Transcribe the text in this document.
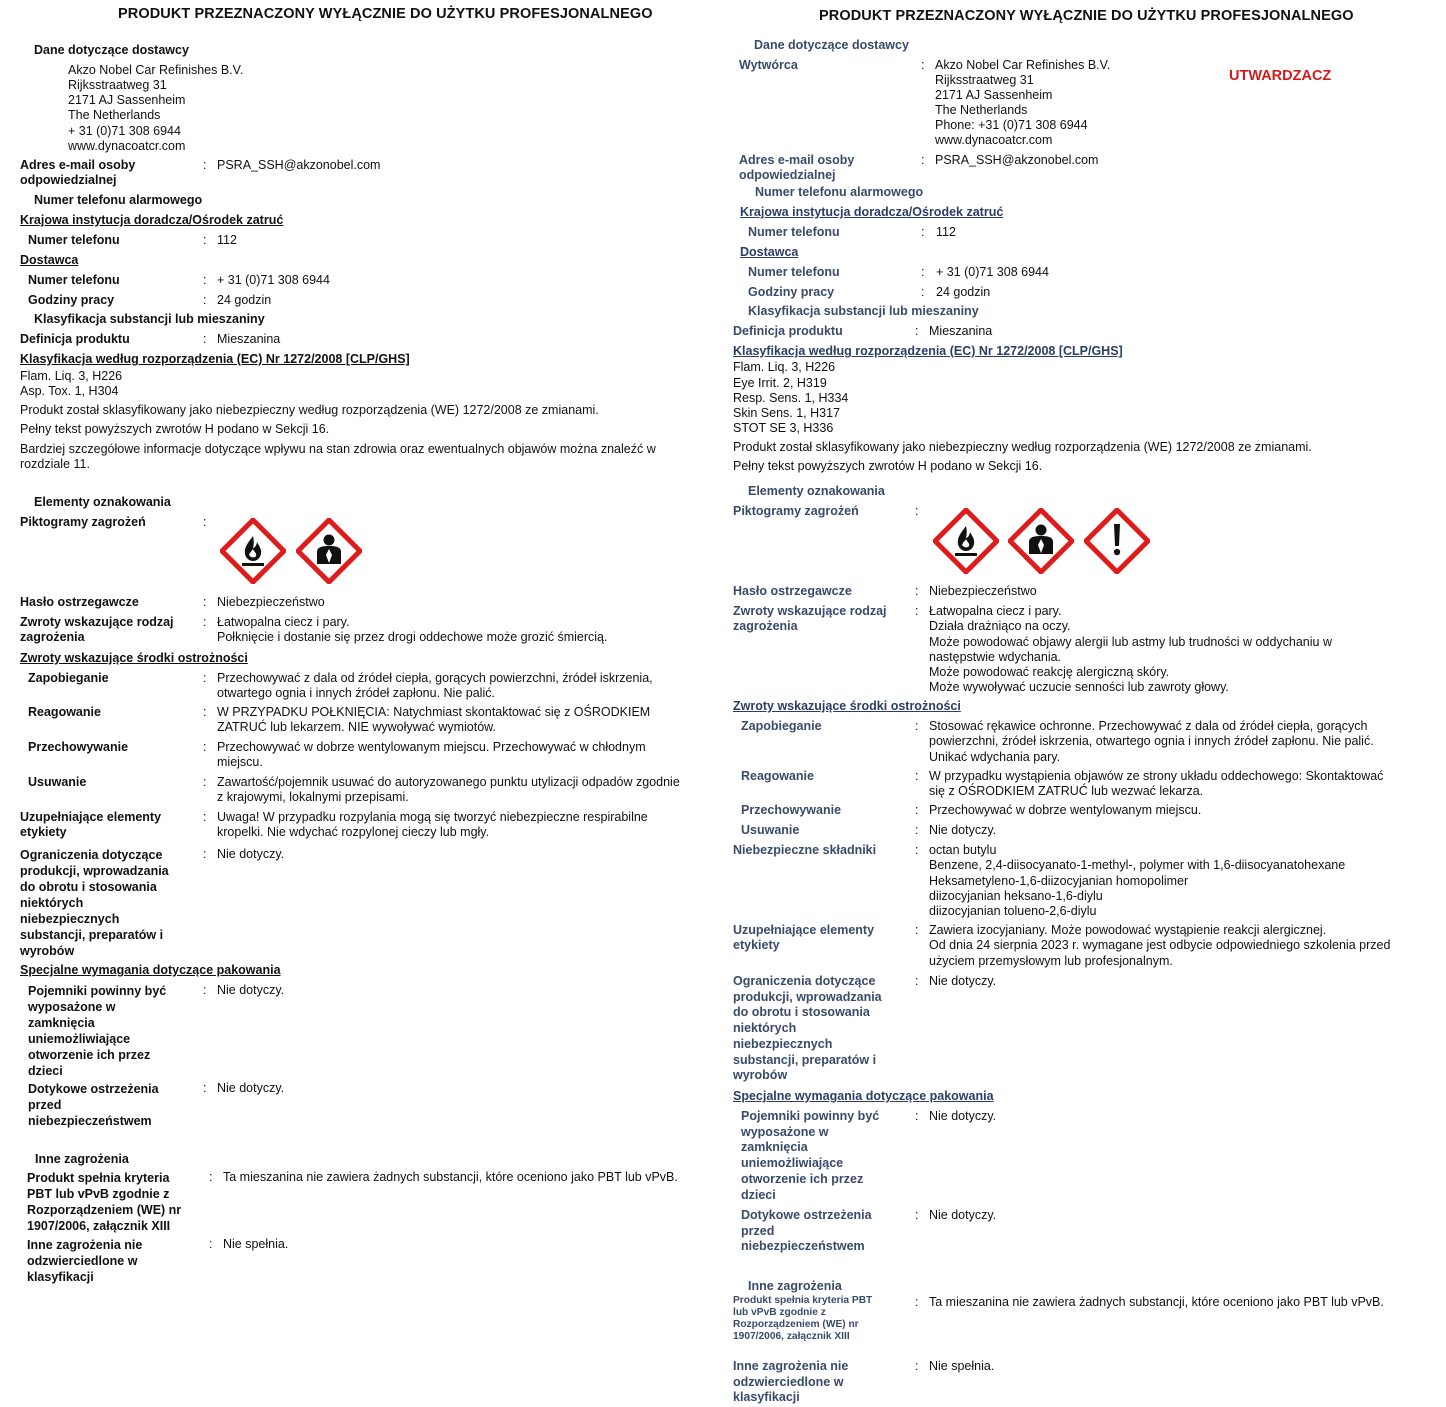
PRODUKT PRZEZNACZONY WYŁĄCZNIE DO UŻYTKU PROFESJONALNEGO
Dane dotyczące dostawcy
Akzo Nobel Car Refinishes B.V.
Rijksstraatweg 31
2171 AJ Sassenheim
The Netherlands
+ 31 (0)71 308 6944
www.dynacoatcr.com
Adres e-mail osoby
odpowiedzialnej
: PSRA_SSH@akzonobel.com
Numer telefonu alarmowego
Krajowa instytucja doradcza/Ośrodek zatruć
Numer telefonu	: 112
Dostawca
Numer telefonu	: + 31 (0)71 308 6944
Godziny pracy	: 24 godzin
Klasyfikacja substancji lub mieszaniny
Definicja produktu	: Mieszanina
Klasyfikacja według rozporządzenia (EC) Nr 1272/2008 [CLP/GHS]
Flam. Liq. 3, H226
Asp. Tox. 1, H304
Produkt został sklasyfikowany jako niebezpieczny według rozporządzenia (WE) 1272/2008 ze zmianami.
Pełny tekst powyższych zwrotów H podano w Sekcji 16.
Bardziej szczegółowe informacje dotyczące wpływu na stan zdrowia oraz ewentualnych objawów można znaleźć w
rozdziale 11.
Elementy oznakowania
Piktogramy zagrożeń	:
Hasło ostrzegawcze	: Niebezpieczeństwo
Zwroty wskazujące rodzaj
zagrożenia
: Łatwopalna ciecz i pary.
Połknięcie i dostanie się przez drogi oddechowe może grozić śmiercią.
Zwroty wskazujące środki ostrożności
Zapobieganie	: Przechowywać z dala od źródeł ciepła, gorących powierzchni, źródeł iskrzenia,
otwartego ognia i innych źródeł zapłonu. Nie palić.
Reagowanie	: W PRZYPADKU POŁKNIĘCIA: Natychmiast skontaktować się z OŚRODKIEM
ZATRUĆ lub lekarzem. NIE wywoływać wymiotów.
Przechowywanie	: Przechowywać w dobrze wentylowanym miejscu. Przechowywać w chłodnym
miejscu.
Usuwanie	: Zawartość/pojemnik usuwać do autoryzowanego punktu utylizacji odpadów zgodnie
z krajowymi, lokalnymi przepisami.
Uzupełniające elementy
etykiety
: Uwaga! W przypadku rozpylania mogą się tworzyć niebezpieczne respirabilne
kropelki. Nie wdychać rozpylonej cieczy lub mgły.
Ograniczenia dotyczące
produkcji, wprowadzania
do obrotu i stosowania
niektórych
niebezpiecznych
substancji, preparatów i
wyrobów
: Nie dotyczy.
Specjalne wymagania dotyczące pakowania
Pojemniki powinny być
wyposażone w
zamknięcia
uniemożliwiające
otworzenie ich przez
dzieci
: Nie dotyczy.
Dotykowe ostrzeżenia
przed
niebezpieczeństwem
: Nie dotyczy.
Inne zagrożenia
Produkt spełnia kryteria
PBT lub vPvB zgodnie z
Rozporządzeniem (WE) nr
1907/2006, załącznik XIII
: Ta mieszanina nie zawiera żadnych substancji, które oceniono jako PBT lub vPvB.
Inne zagrożenia nie
odzwierciedlone w
klasyfikacji
: Nie spełnia.
PRODUKT PRZEZNACZONY WYŁĄCZNIE DO UŻYTKU PROFESJONALNEGO
UTWARDZACZ
Dane dotyczące dostawcy
Wytwórca	: Akzo Nobel Car Refinishes B.V.
Rijksstraatweg 31
2171 AJ Sassenheim
The Netherlands
Phone: +31 (0)71 308 6944
www.dynacoatcr.com
Adres e-mail osoby
odpowiedzialnej
: PSRA_SSH@akzonobel.com
Numer telefonu alarmowego
Krajowa instytucja doradcza/Ośrodek zatruć
Numer telefonu	: 112
Dostawca
Numer telefonu	: + 31 (0)71 308 6944
Godziny pracy	: 24 godzin
Klasyfikacja substancji lub mieszaniny
Definicja produktu	: Mieszanina
Klasyfikacja według rozporządzenia (EC) Nr 1272/2008 [CLP/GHS]
Flam. Liq. 3, H226
Eye Irrit. 2, H319
Resp. Sens. 1, H334
Skin Sens. 1, H317
STOT SE 3, H336
Produkt został sklasyfikowany jako niebezpieczny według rozporządzenia (WE) 1272/2008 ze zmianami.
Pełny tekst powyższych zwrotów H podano w Sekcji 16.
Elementy oznakowania
Piktogramy zagrożeń	:
Hasło ostrzegawcze	: Niebezpieczeństwo
Zwroty wskazujące rodzaj
zagrożenia
: Łatwopalna ciecz i pary.
Działa drażniąco na oczy.
Może powodować objawy alergii lub astmy lub trudności w oddychaniu w
następstwie wdychania.
Może powodować reakcję alergiczną skóry.
Może wywoływać uczucie senności lub zawroty głowy.
Zwroty wskazujące środki ostrożności
Zapobieganie	: Stosować rękawice ochronne. Przechowywać z dala od źródeł ciepła, gorących
powierzchni, źródeł iskrzenia, otwartego ognia i innych źródeł zapłonu. Nie palić.
Unikać wdychania pary.
Reagowanie	: W przypadku wystąpienia objawów ze strony układu oddechowego: Skontaktować
się z OŚRODKIEM ZATRUĆ lub wezwać lekarza.
Przechowywanie	: Przechowywać w dobrze wentylowanym miejscu.
Usuwanie	: Nie dotyczy.
Niebezpieczne składniki	: octan butylu
Benzene, 2,4-diisocyanato-1-methyl-, polymer with 1,6-diisocyanatohexane
Heksametyleno-1,6-diizocyjanian homopolimer
diizocyjanian heksano-1,6-diylu
diizocyjanian tolueno-2,6-diylu
Uzupełniające elementy
etykiety
: Zawiera izocyjaniany. Może powodować wystąpienie reakcji alergicznej.
Od dnia 24 sierpnia 2023 r. wymagane jest odbycie odpowiedniego szkolenia przed
użyciem przemysłowym lub profesjonalnym.
Ograniczenia dotyczące
produkcji, wprowadzania
do obrotu i stosowania
niektórych
niebezpiecznych
substancji, preparatów i
wyrobów
: Nie dotyczy.
Specjalne wymagania dotyczące pakowania
Pojemniki powinny być
wyposażone w
zamknięcia
uniemożliwiające
otworzenie ich przez
dzieci
: Nie dotyczy.
Dotykowe ostrzeżenia
przed
niebezpieczeństwem
: Nie dotyczy.
Inne zagrożenia
Produkt spełnia kryteria PBT
lub vPvB zgodnie z
Rozporządzeniem (WE) nr
1907/2006, załącznik XIII
: Ta mieszanina nie zawiera żadnych substancji, które oceniono jako PBT lub vPvB.
Inne zagrożenia nie
odzwierciedlone w
klasyfikacji
: Nie spełnia.
